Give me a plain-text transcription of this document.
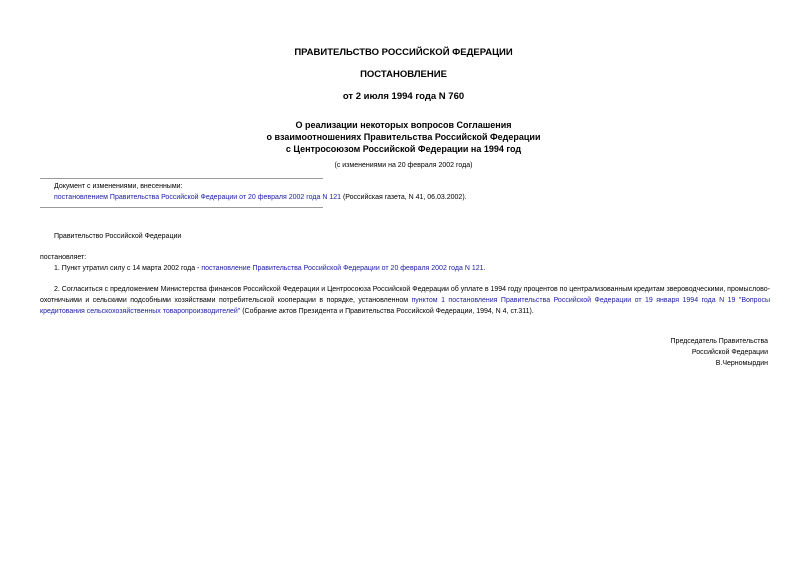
ПРАВИТЕЛЬСТВО РОССИЙСКОЙ ФЕДЕРАЦИИ
ПОСТАНОВЛЕНИЕ
от 2 июля 1994 года N 760
О реализации некоторых вопросов Соглашения
о взаимоотношениях Правительства Российской Федерации
с Центросоюзом Российской Федерации на 1994 год
(с изменениями на 20 февраля 2002 года)
Документ с изменениями, внесенными:
постановлением Правительства Российской Федерации от 20 февраля 2002 года N 121 (Российская газета, N 41, 06.03.2002).
Правительство Российской Федерации
постановляет:
1. Пункт утратил силу с 14 марта 2002 года - постановление Правительства Российской Федерации от 20 февраля 2002 года N 121.
2. Согласиться с предложением Министерства финансов Российской Федерации и Центросоюза Российской Федерации об уплате в 1994 году процентов по централизованным кредитам звероводческими, промыслово-охотничьими и сельскими подсобными хозяйствами потребительской кооперации в порядке, установленном пунктом 1 постановления Правительства Российской Федерации от 19 января 1994 года N 19 "Вопросы кредитования сельскохозяйственных товаропроизводителей" (Собрание актов Президента и Правительства Российской Федерации, 1994, N 4, ст.311).
Председатель Правительства
Российской Федерации
В.Черномырдин
